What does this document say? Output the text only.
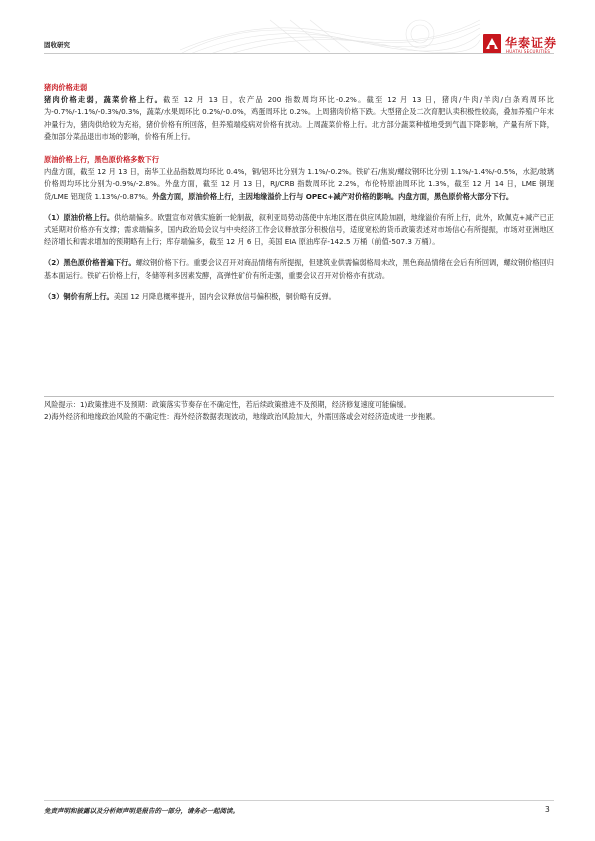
固收研究	华泰证券
HUATAI SECURITIES
猪肉价格走弱

猪肉价格走弱，蔬菜价格上行。截至 12 月 13 日，农产品 200 指数周均环比-0.2%。截至 12 月 13 日，猪肉/牛肉/羊肉/白条鸡周环比为-0.7%/-1.1%/-0.3%/0.3%，蔬菜/水果周环比 0.2%/-0.0%，鸡蛋周环比 0.2%。上周猪肉价格下跌。大型猪企及二次育肥认卖积极性较高，叠加养殖户年末冲量行为，猪肉供给较为充裕，猪价价格有所回落，但养殖端疫病对价格有扰动。上周蔬菜价格上行。北方部分蔬菜种植地受到气温下降影响，产量有所下降，叠加部分菜品退出市场的影响，价格有所上行。

原油价格上行，黑色原价格多数下行

内盘方面，截至 12 月 13 日，南华工业品指数周均环比 0.4%，铜/铝环比分别为 1.1%/-0.2%。铁矿石/焦炭/螺纹钢环比分别 1.1%/-1.4%/-0.5%，水泥/玻璃价格周均环比分别为-0.9%/-2.8%。外盘方面，截至 12 月 13 日，RJ/CRB 指数周环比 2.2%，布伦特原油周环比 1.3%，截至 12 月 14 日，LME 铜现货/LME 铝现货 1.13%/-0.87%。外盘方面，原油价格上行，主因地缘溢价上行与 OPEC+减产对价格的影响。内盘方面，黑色原价格大部分下行。

（1）原油价格上行。供给端偏多。欧盟宣布对俄实施新一轮制裁，叙利亚局势动荡使中东地区潜在供应风险加剧，地缘溢价有所上行，此外，欧佩克+减产已正式延期对价格亦有支撑；需求端偏多，国内政治局会议与中央经济工作会议释放部分积极信号，适度宽松的货币政策表述对市场信心有所提振，市场对亚洲地区经济增长和需求增加的预期略有上行；库存端偏多，截至 12 月 6 日，美国 EIA 原油库存-142.5 万桶（前值-507.3 万桶）。

（2）黑色原价格普遍下行。螺纹钢价格下行。重要会议召开对商品情绪有所提振，但建筑业供需偏弱格局未改，黑色商品情绪在会后有所回调，螺纹钢价格回归基本面运行。铁矿石价格上行，冬储等利多因素发酵，高弹性矿价有所走强，重要会议召开对价格亦有扰动。

（3）铜价有所上行。美国 12 月降息概率提升，国内会议释放信号偏积极，铜价略有反弹。

风险提示：1)政策推进不及预期：政策落实节奏存在不确定性，若后续政策推进不及预期，经济修复速度可能偏缓。

2)海外经济和地缘政治风险的不确定性：海外经济数据表现波动，地缘政治风险加大，外需回落或会对经济造成进一步拖累。

免责声明和披露以及分析师声明是报告的一部分，请务必一起阅读。	3
